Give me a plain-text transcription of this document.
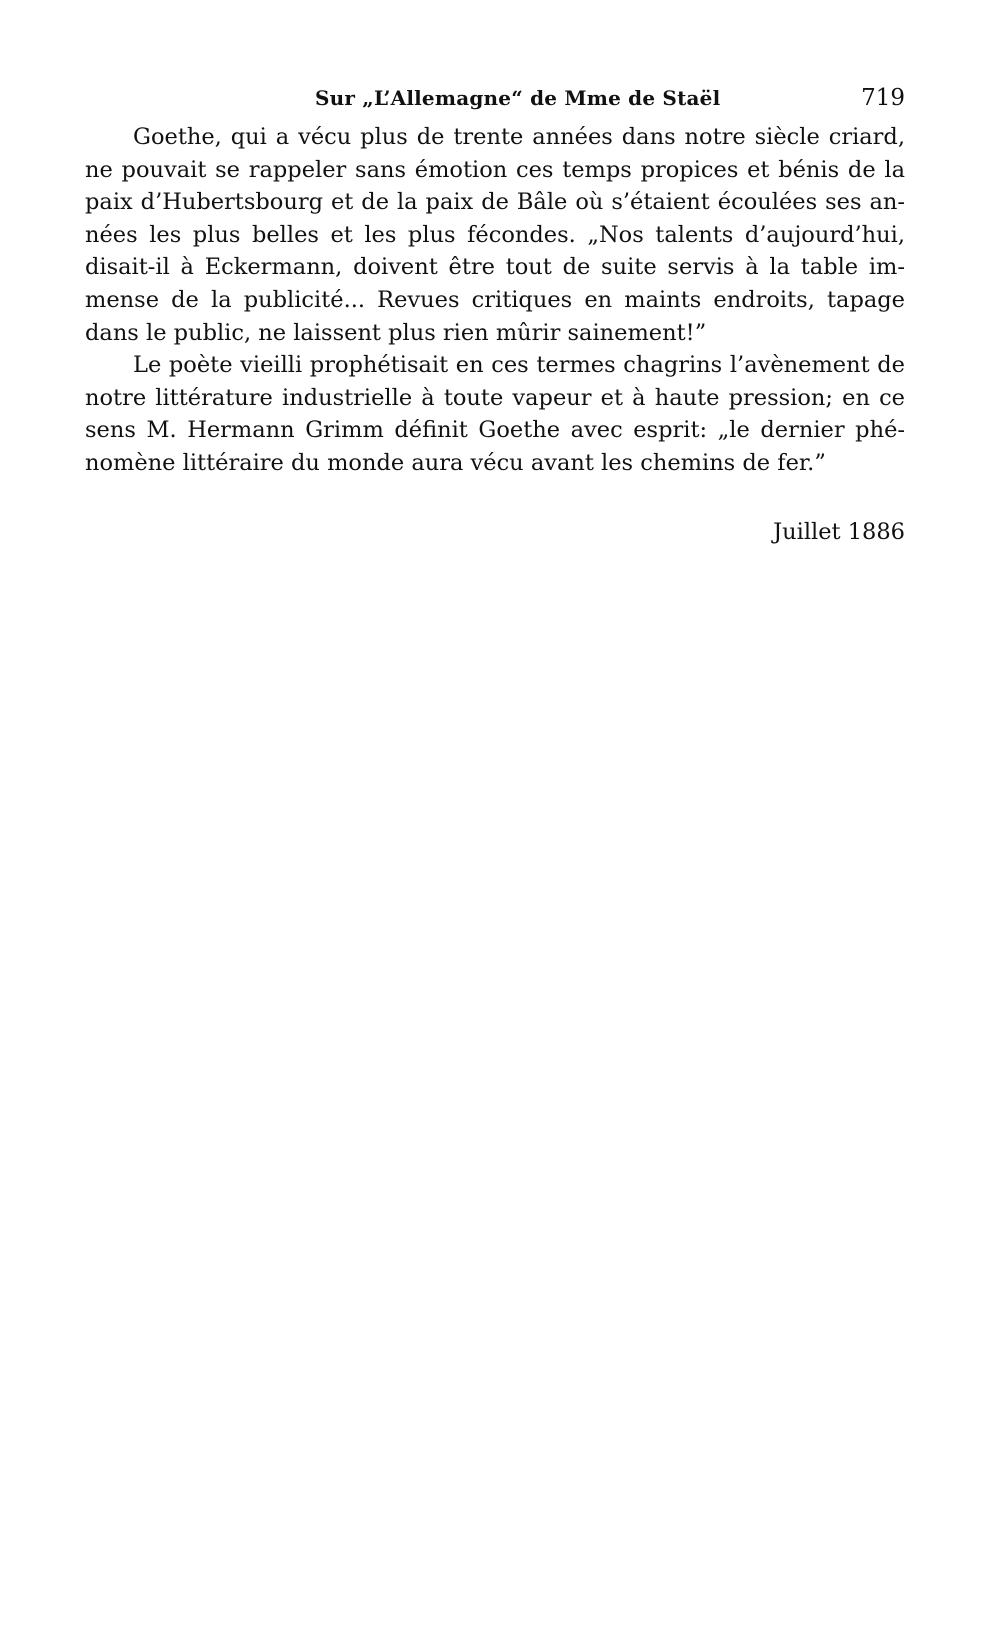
Sur „L’Allemagne“ de Mme de Staël	719

Goethe, qui a vécu plus de trente années dans notre siècle criard,
ne pouvait se rappeler sans émotion ces temps propices et bénis de la
paix d’Hubertsbourg et de la paix de Bâle où s’étaient écoulées ses an-
nées les plus belles et les plus fécondes. „Nos talents d’aujourd’hui,
disait-il à Eckermann, doivent être tout de suite servis à la table im-
mense de la publicité... Revues critiques en maints endroits, tapage
dans le public, ne laissent plus rien mûrir sainement!”

Le poète vieilli prophétisait en ces termes chagrins l’avènement de
notre littérature industrielle à toute vapeur et à haute pression; en ce
sens M. Hermann Grimm définit Goethe avec esprit: „le dernier phé-
nomène littéraire du monde aura vécu avant les chemins de fer.”

Juillet 1886
